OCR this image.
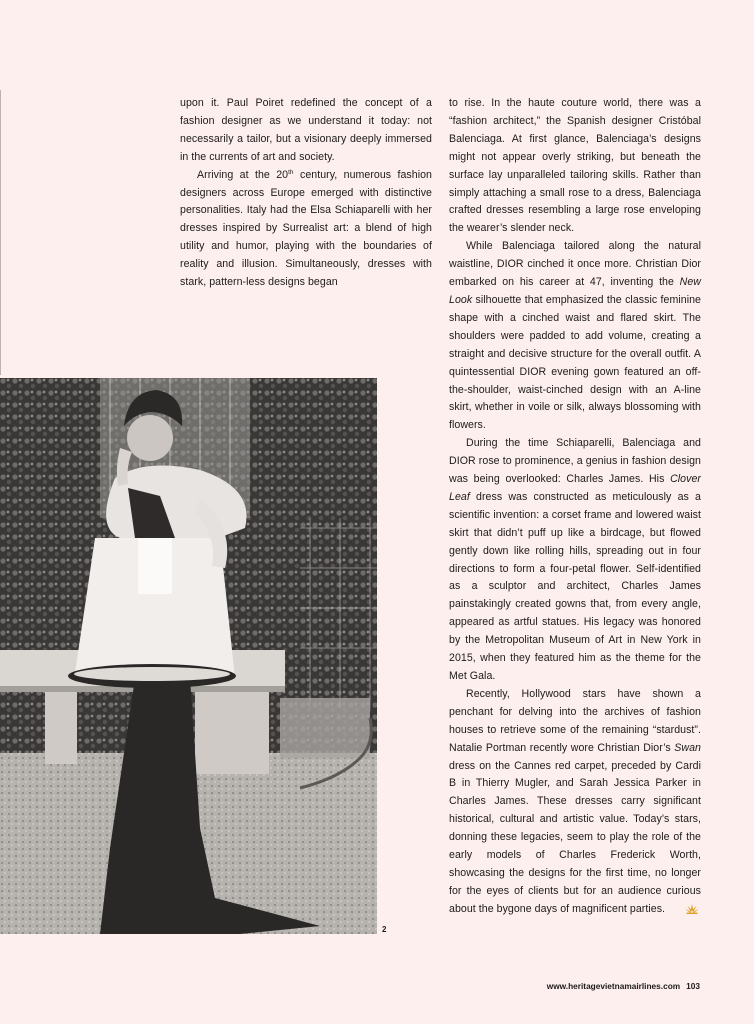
upon it. Paul Poiret redefined the concept of a fashion designer as we understand it today: not necessarily a tailor, but a visionary deeply immersed in the currents of art and society.

Arriving at the 20th century, numerous fashion designers across Europe emerged with distinctive personalities. Italy had the Elsa Schiaparelli with her dresses inspired by Surrealist art: a blend of high utility and humor, playing with the boundaries of reality and illusion. Simultaneously, dresses with stark, pattern-less designs began

to rise. In the haute couture world, there was a “fashion architect,” the Spanish designer Cristóbal Balenciaga. At first glance, Balenciaga’s designs might not appear overly striking, but beneath the surface lay unparalleled tailoring skills. Rather than simply attaching a small rose to a dress, Balenciaga crafted dresses resembling a large rose enveloping the wearer’s slender neck.

While Balenciaga tailored along the natural waistline, DIOR cinched it once more. Christian Dior embarked on his career at 47, inventing the New Look silhouette that emphasized the classic feminine shape with a cinched waist and flared skirt. The shoulders were padded to add volume, creating a straight and decisive structure for the overall outfit. A quintessential DIOR evening gown featured an off-the-shoulder, waist-cinched design with an A-line skirt, whether in voile or silk, always blossoming with flowers.

During the time Schiaparelli, Balenciaga and DIOR rose to prominence, a genius in fashion design was being overlooked: Charles James. His Clover Leaf dress was constructed as meticulously as a scientific invention: a corset frame and lowered waist skirt that didn’t puff up like a birdcage, but flowed gently down like rolling hills, spreading out in four directions to form a four-petal flower. Self-identified as a sculptor and architect, Charles James painstakingly created gowns that, from every angle, appeared as artful statues. His legacy was honored by the Metropolitan Museum of Art in New York in 2015, when they featured him as the theme for the Met Gala.

Recently, Hollywood stars have shown a penchant for delving into the archives of fashion houses to retrieve some of the remaining “stardust”. Natalie Portman recently wore Christian Dior’s Swan dress on the Cannes red carpet, preceded by Cardi B in Thierry Mugler, and Sarah Jessica Parker in Charles James. These dresses carry significant historical, cultural and artistic value. Today’s stars, donning these legacies, seem to play the role of the early models of Charles Frederick Worth, showcasing the designs for the first time, no longer for the eyes of clients but for an audience curious about the bygone days of magnificent parties.

2
www.heritagevietnamairlines.com 103
